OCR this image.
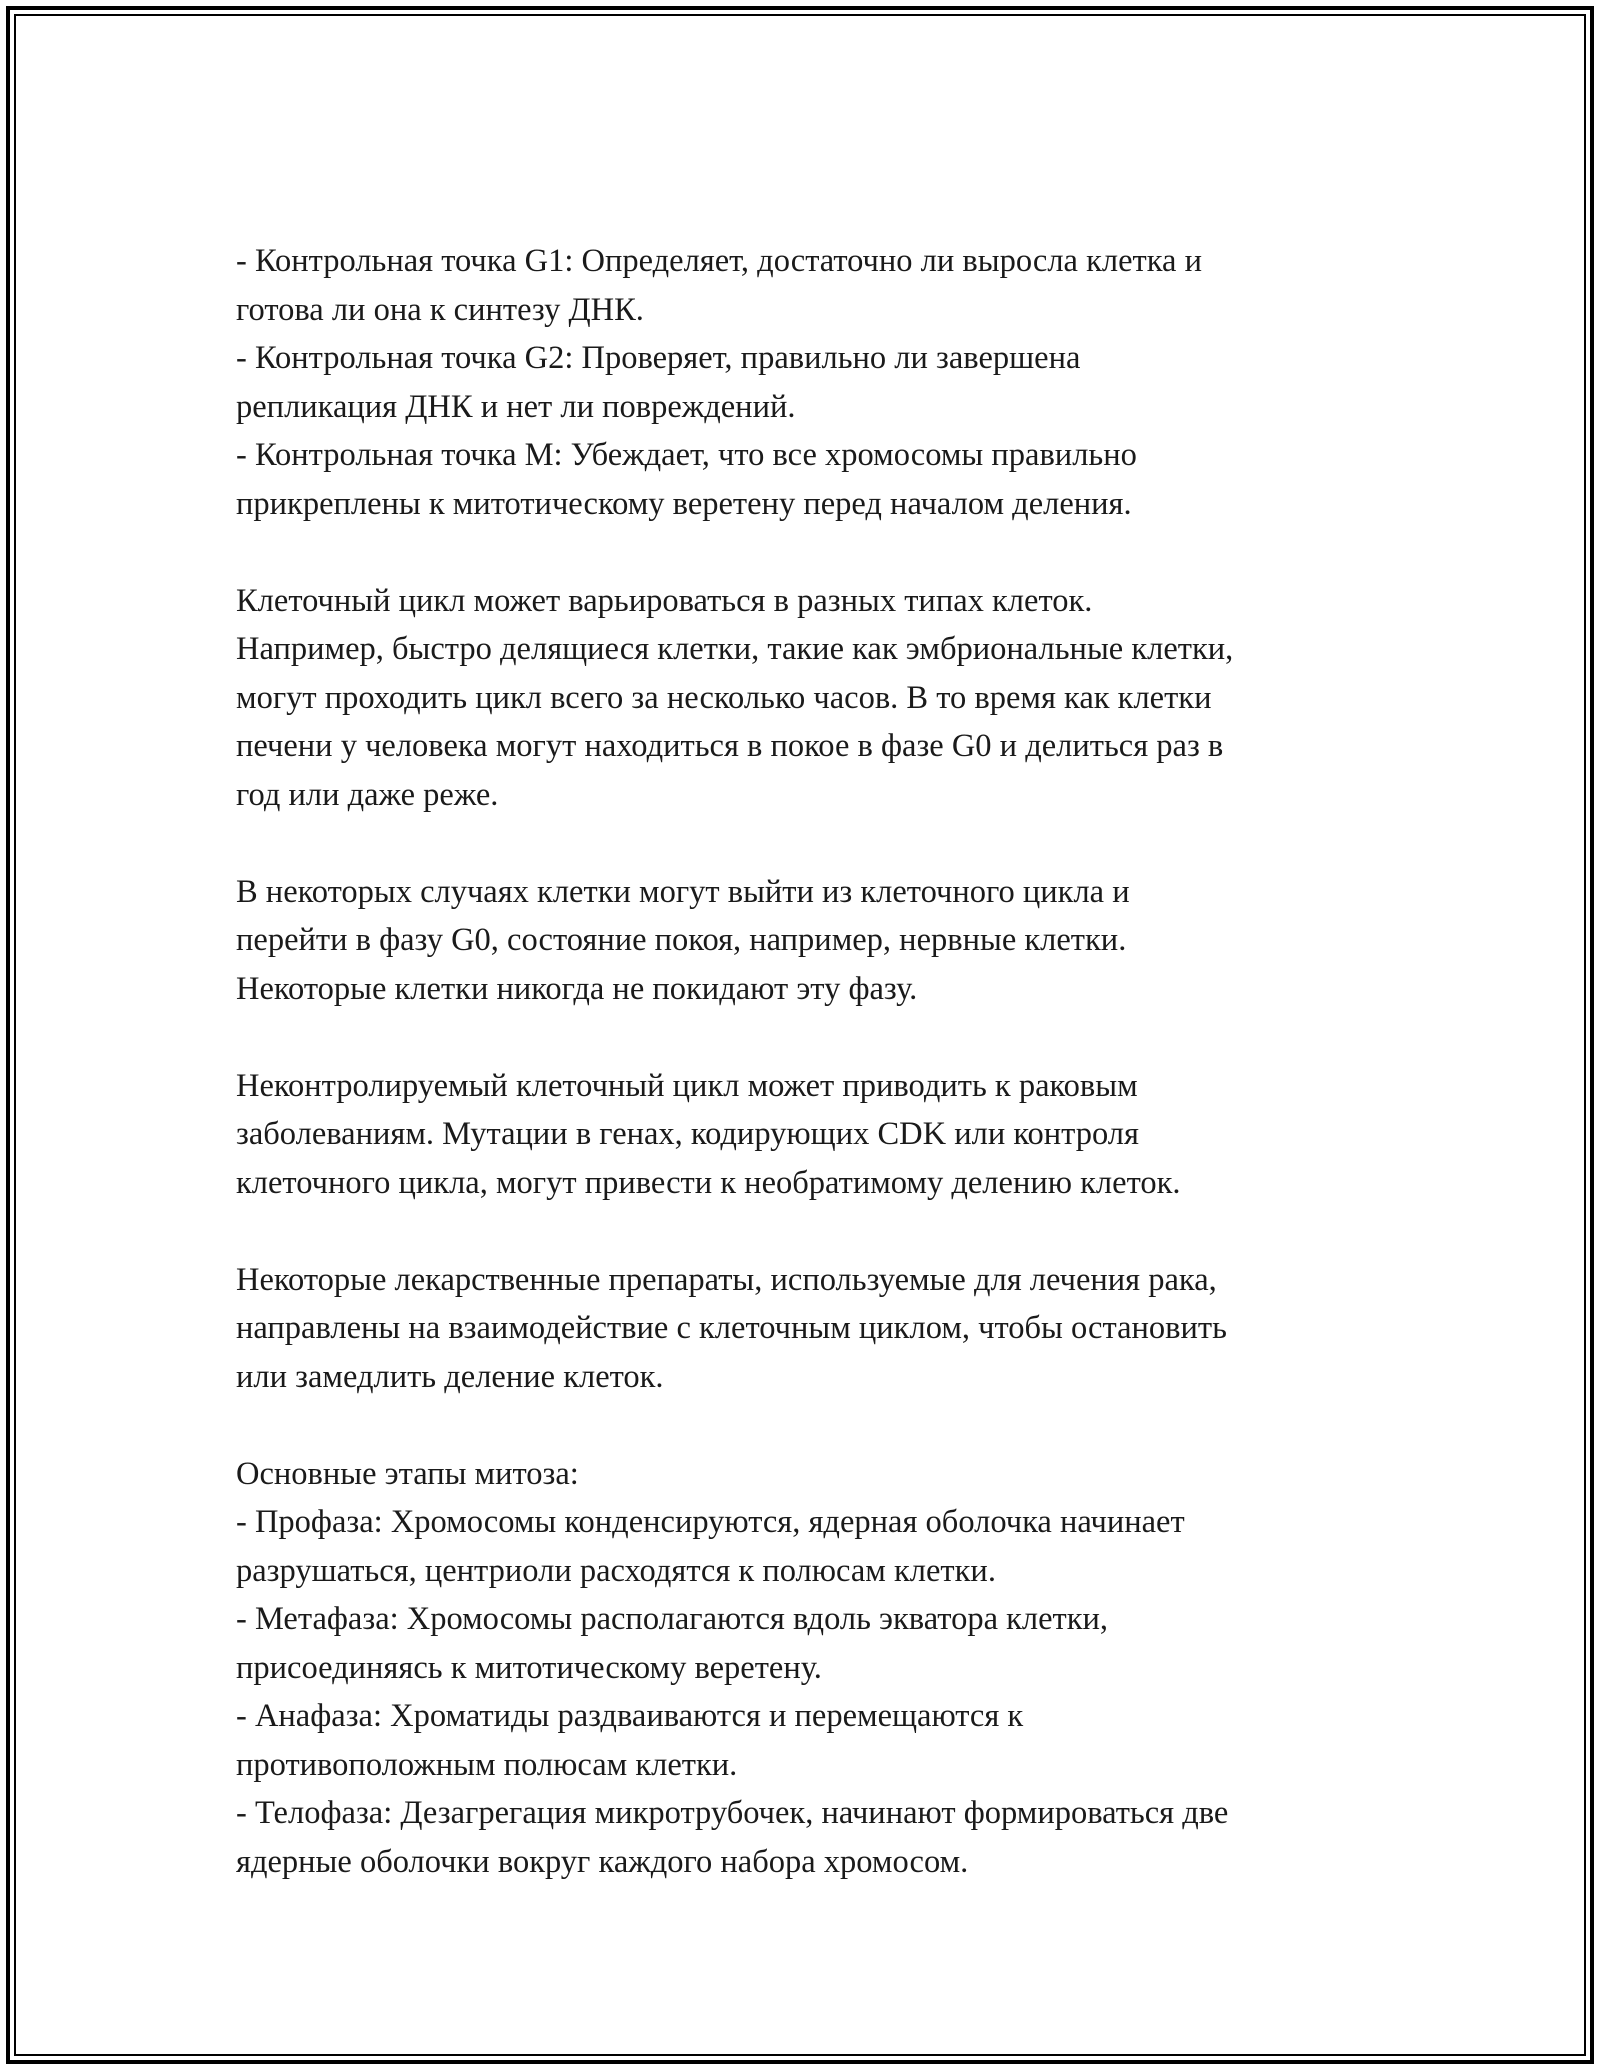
- Контрольная точка G1: Определяет, достаточно ли выросла клетка и
готова ли она к синтезу ДНК.
- Контрольная точка G2: Проверяет, правильно ли завершена
репликация ДНК и нет ли повреждений.
- Контрольная точка M: Убеждает, что все хромосомы правильно
прикреплены к митотическому веретену перед началом деления.
Клеточный цикл может варьироваться в разных типах клеток.
Например, быстро делящиеся клетки, такие как эмбриональные клетки,
могут проходить цикл всего за несколько часов. В то время как клетки
печени у человека могут находиться в покое в фазе G0 и делиться раз в
год или даже реже.
В некоторых случаях клетки могут выйти из клеточного цикла и
перейти в фазу G0, состояние покоя, например, нервные клетки.
Некоторые клетки никогда не покидают эту фазу.
Неконтролируемый клеточный цикл может приводить к раковым
заболеваниям. Мутации в генах, кодирующих CDK или контроля
клеточного цикла, могут привести к необратимому делению клеток.
Некоторые лекарственные препараты, используемые для лечения рака,
направлены на взаимодействие с клеточным циклом, чтобы остановить
или замедлить деление клеток.
Основные этапы митоза:
- Профаза: Хромосомы конденсируются, ядерная оболочка начинает
разрушаться, центриоли расходятся к полюсам клетки.
- Метафаза: Хромосомы располагаются вдоль экватора клетки,
присоединяясь к митотическому веретену.
- Анафаза: Хроматиды раздваиваются и перемещаются к
противоположным полюсам клетки.
- Телофаза: Дезагрегация микротрубочек, начинают формироваться две
ядерные оболочки вокруг каждого набора хромосом.
